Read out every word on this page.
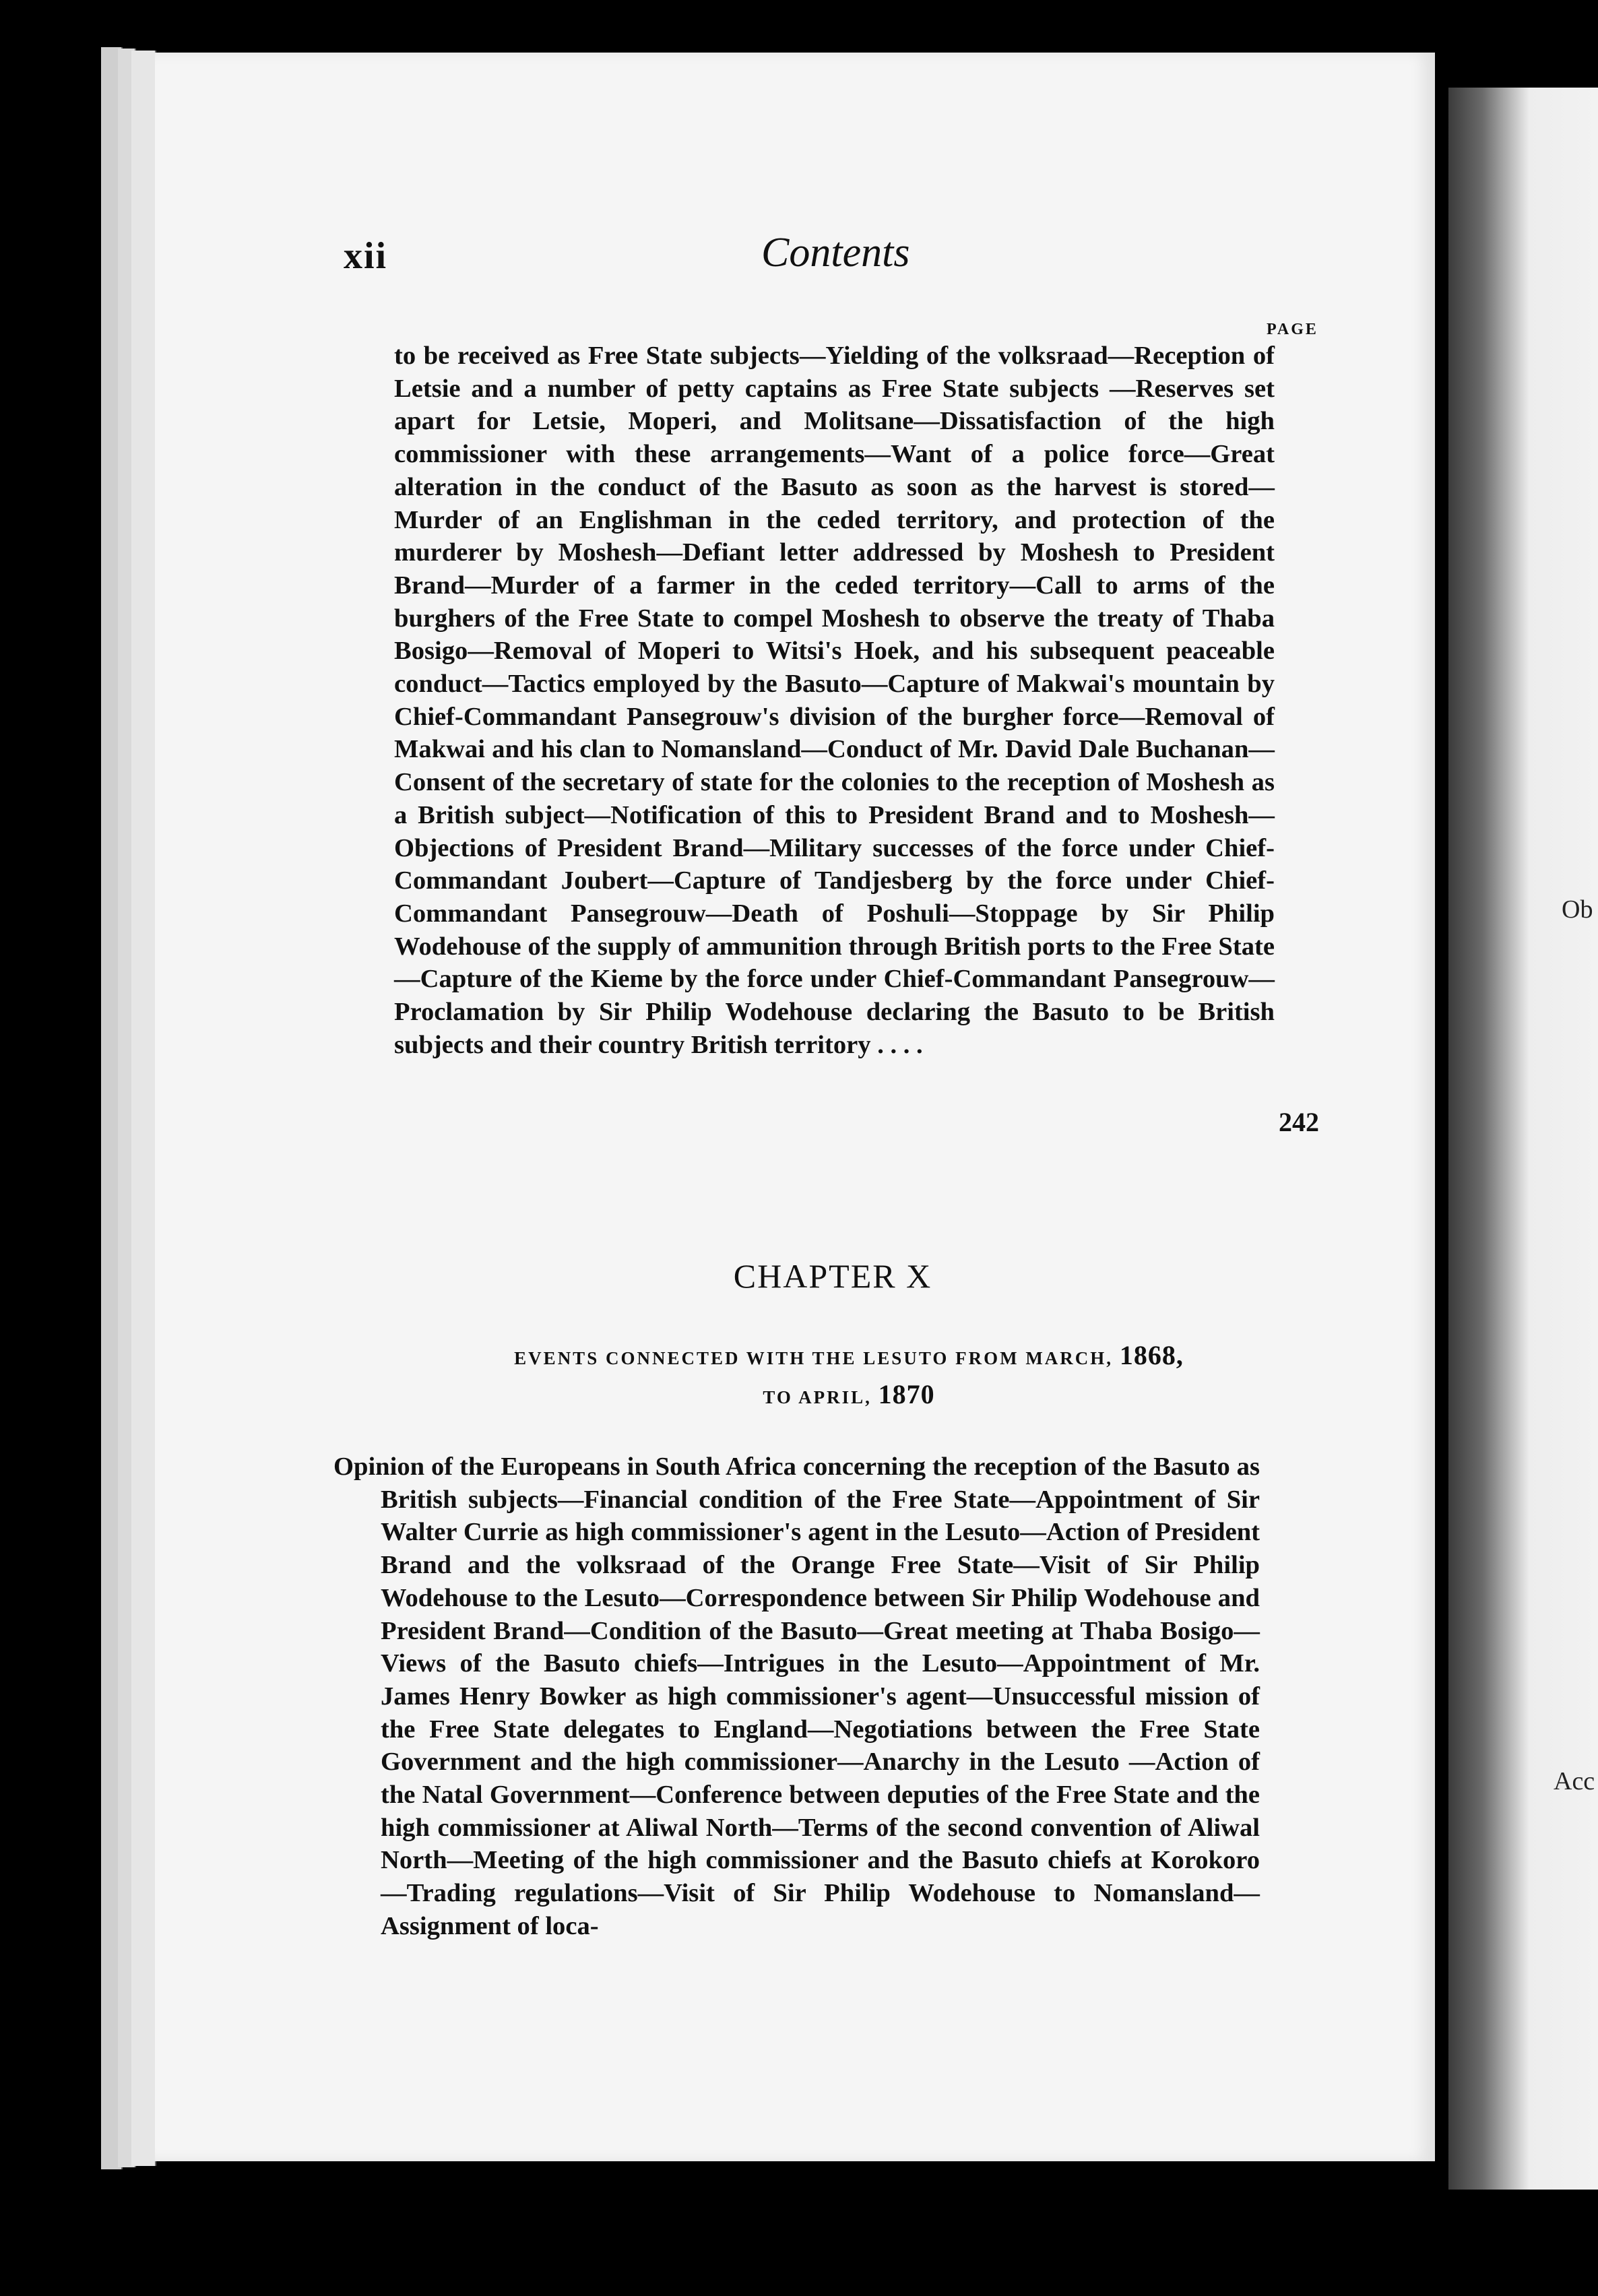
Ob
Acc
xii	Contents
PAGE
to be received as Free State subjects—Yielding of the volksraad—Reception of Letsie and a number of petty captains as Free State subjects —Reserves set apart for Letsie, Moperi, and Molitsane—Dissatisfaction of the high commissioner with these arrangements—Want of a police force—Great alteration in the conduct of the Basuto as soon as the harvest is stored—Murder of an Englishman in the ceded territory, and protection of the murderer by Moshesh—Defiant letter addressed by Moshesh to President Brand—Murder of a farmer in the ceded territory—Call to arms of the burghers of the Free State to compel Moshesh to observe the treaty of Thaba Bosigo—Removal of Moperi to Witsi's Hoek, and his subsequent peaceable conduct—Tactics employed by the Basuto—Capture of Makwai's mountain by Chief-Commandant Pansegrouw's division of the burgher force—Removal of Makwai and his clan to Nomansland—Conduct of Mr. David Dale Buchanan—Consent of the secretary of state for the colonies to the reception of Moshesh as a British subject—Notification of this to President Brand and to Moshesh—Objections of President Brand—Military successes of the force under Chief-Commandant Joubert—Capture of Tandjesberg by the force under Chief-Commandant Pansegrouw—Death of Poshuli—Stoppage by Sir Philip Wodehouse of the supply of ammunition through British ports to the Free State—Capture of the Kieme by the force under Chief-Commandant Pansegrouw—Proclamation by Sir Philip Wodehouse declaring the Basuto to be British subjects and their country British territory . . . .
242
CHAPTER X
EVENTS CONNECTED WITH THE LESUTO FROM MARCH, 1868,
TO APRIL, 1870
Opinion of the Europeans in South Africa concerning the reception of the Basuto as British subjects—Financial condition of the Free State—Appointment of Sir Walter Currie as high commissioner's agent in the Lesuto—Action of President Brand and the volksraad of the Orange Free State—Visit of Sir Philip Wodehouse to the Lesuto—Correspondence between Sir Philip Wodehouse and President Brand—Condition of the Basuto—Great meeting at Thaba Bosigo—Views of the Basuto chiefs—Intrigues in the Lesuto—Appointment of Mr. James Henry Bowker as high commissioner's agent—Unsuccessful mission of the Free State delegates to England—Negotiations between the Free State Government and the high commissioner—Anarchy in the Lesuto —Action of the Natal Government—Conference between deputies of the Free State and the high commissioner at Aliwal North—Terms of the second convention of Aliwal North—Meeting of the high commissioner and the Basuto chiefs at Korokoro—Trading regulations—Visit of Sir Philip Wodehouse to Nomansland—Assignment of loca-
